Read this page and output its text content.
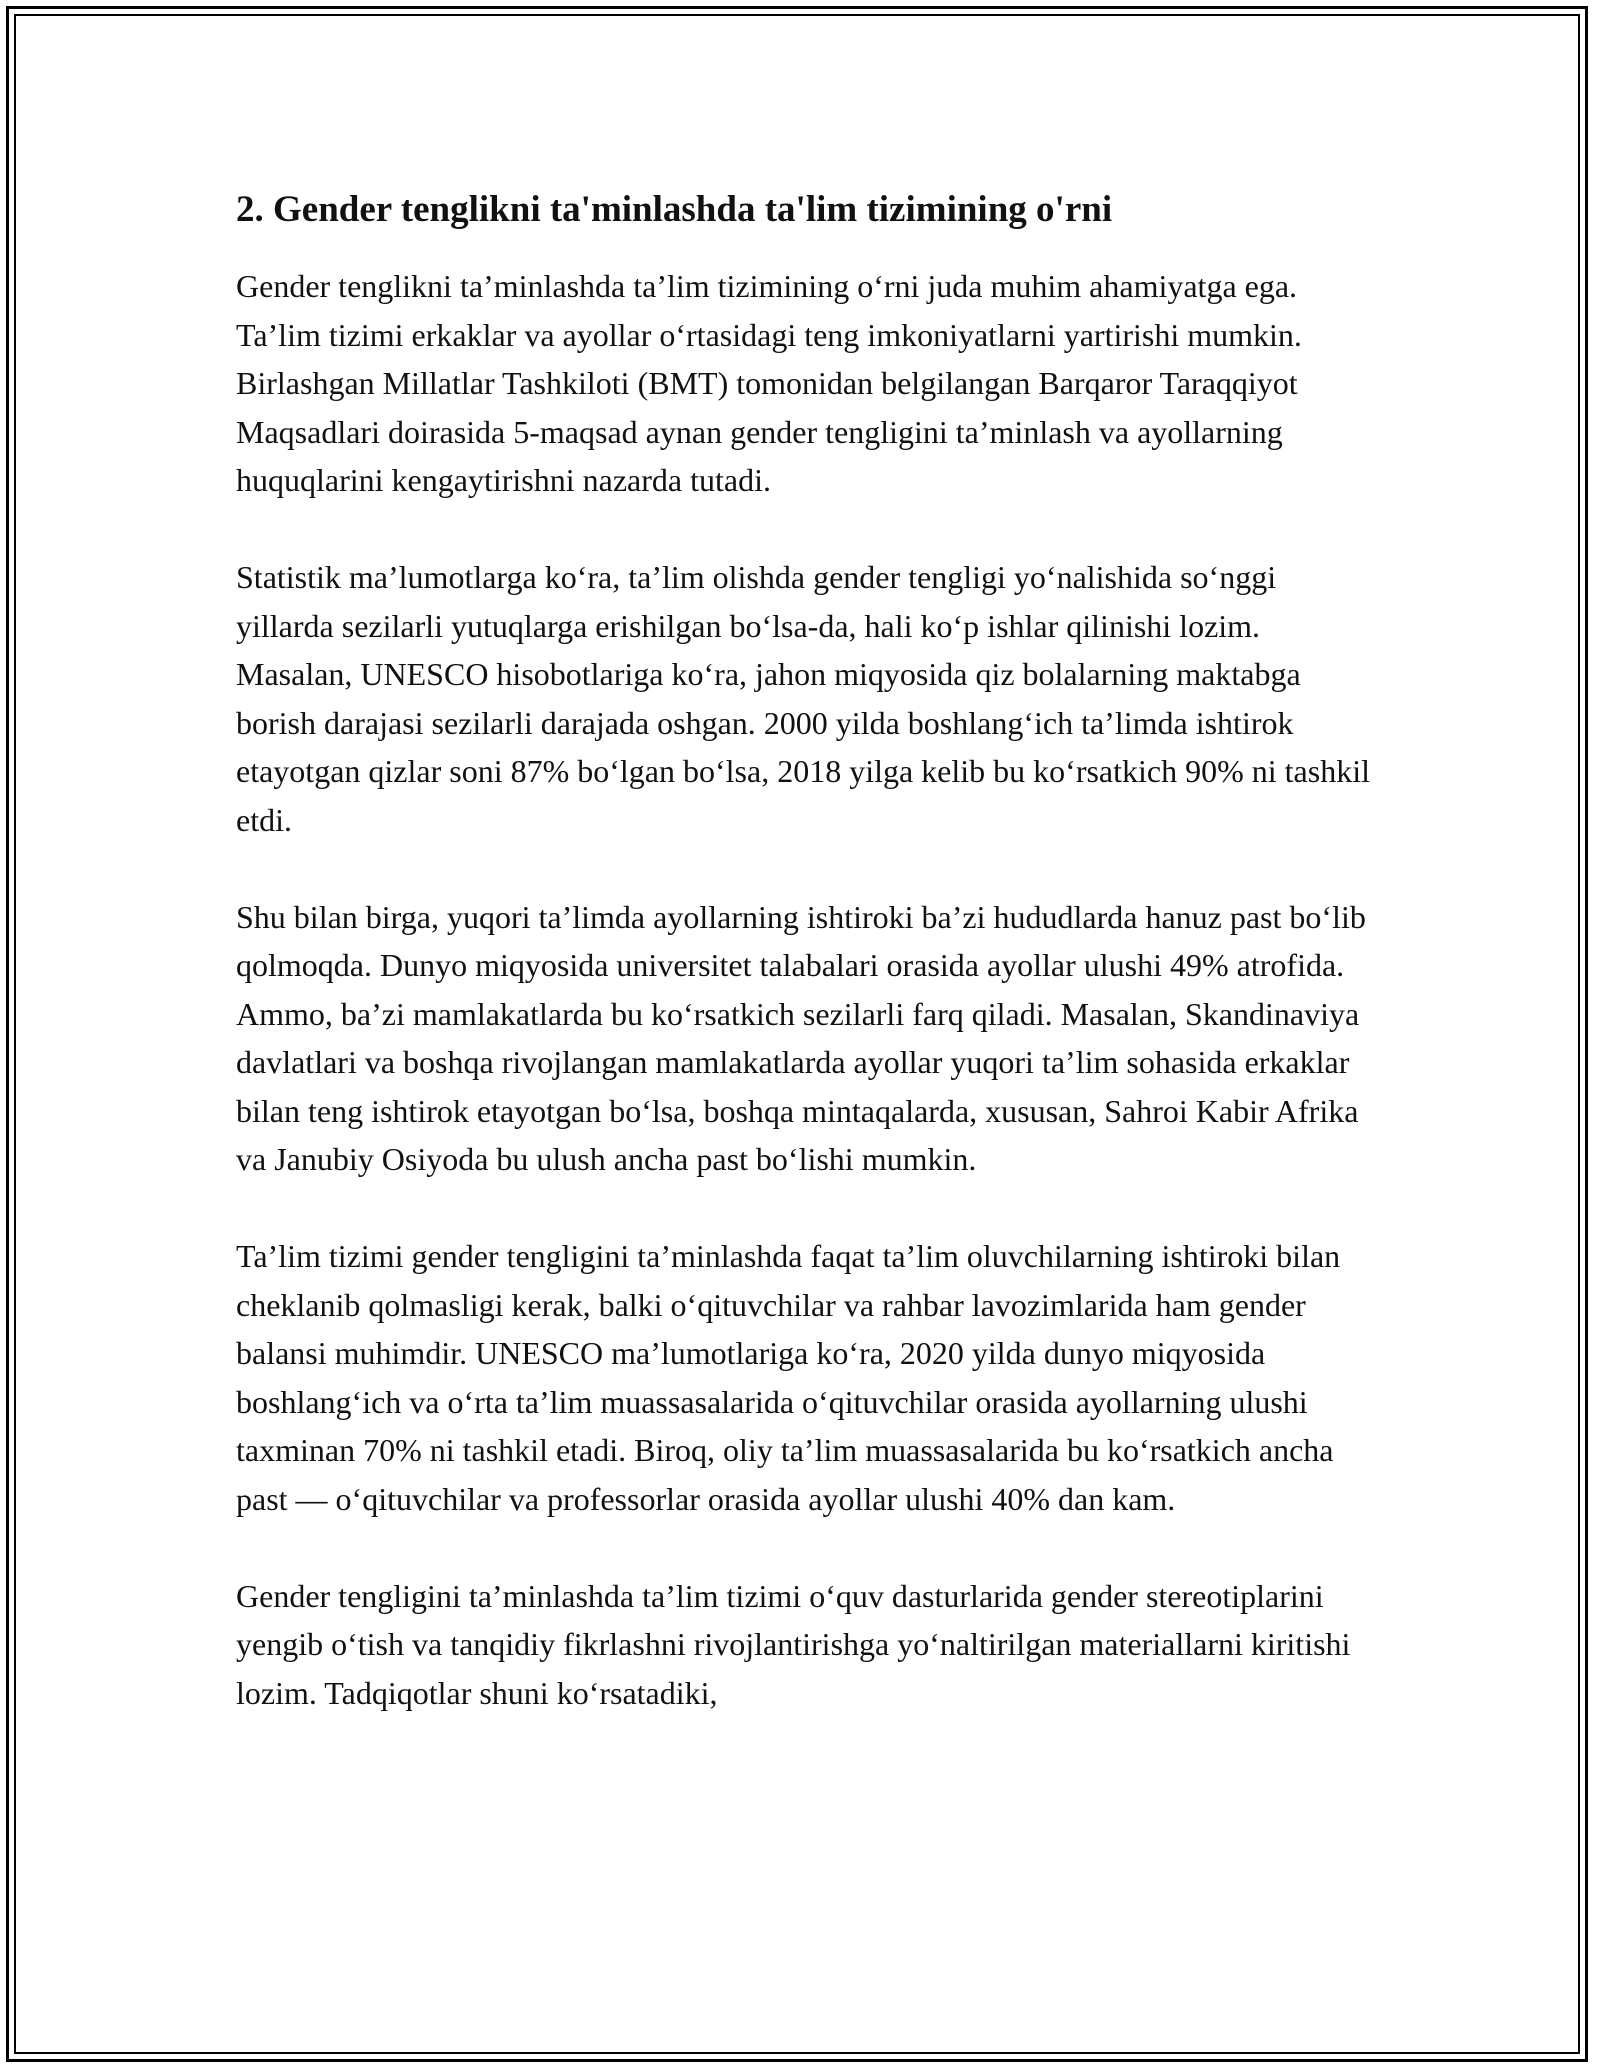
2. Gender tenglikni ta'minlashda ta'lim tizimining o'rni

Gender tenglikni ta’minlashda ta’lim tizimining o‘rni juda muhim ahamiyatga ega. Ta’lim tizimi erkaklar va ayollar o‘rtasidagi teng imkoniyatlarni yartirishi mumkin. Birlashgan Millatlar Tashkiloti (BMT) tomonidan belgilangan Barqaror Taraqqiyot Maqsadlari doirasida 5-maqsad aynan gender tengligini ta’minlash va ayollarning huquqlarini kengaytirishni nazarda tutadi.

Statistik ma’lumotlarga ko‘ra, ta’lim olishda gender tengligi yo‘nalishida so‘nggi yillarda sezilarli yutuqlarga erishilgan bo‘lsa-da, hali ko‘p ishlar qilinishi lozim. Masalan, UNESCO hisobotlariga ko‘ra, jahon miqyosida qiz bolalarning maktabga borish darajasi sezilarli darajada oshgan. 2000 yilda boshlang‘ich ta’limda ishtirok etayotgan qizlar soni 87% bo‘lgan bo‘lsa, 2018 yilga kelib bu ko‘rsatkich 90% ni tashkil etdi.

Shu bilan birga, yuqori ta’limda ayollarning ishtiroki ba’zi hududlarda hanuz past bo‘lib qolmoqda. Dunyo miqyosida universitet talabalari orasida ayollar ulushi 49% atrofida. Ammo, ba’zi mamlakatlarda bu ko‘rsatkich sezilarli farq qiladi. Masalan, Skandinaviya davlatlari va boshqa rivojlangan mamlakatlarda ayollar yuqori ta’lim sohasida erkaklar bilan teng ishtirok etayotgan bo‘lsa, boshqa mintaqalarda, xususan, Sahroi Kabir Afrika va Janubiy Osiyoda bu ulush ancha past bo‘lishi mumkin.

Ta’lim tizimi gender tengligini ta’minlashda faqat ta’lim oluvchilarning ishtiroki bilan cheklanib qolmasligi kerak, balki o‘qituvchilar va rahbar lavozimlarida ham gender balansi muhimdir. UNESCO ma’lumotlariga ko‘ra, 2020 yilda dunyo miqyosida boshlang‘ich va o‘rta ta’lim muassasalarida o‘qituvchilar orasida ayollarning ulushi taxminan 70% ni tashkil etadi. Biroq, oliy ta’lim muassasalarida bu ko‘rsatkich ancha past — o‘qituvchilar va professorlar orasida ayollar ulushi 40% dan kam.

Gender tengligini ta’minlashda ta’lim tizimi o‘quv dasturlarida gender stereotiplarini yengib o‘tish va tanqidiy fikrlashni rivojlantirishga yo‘naltirilgan materiallarni kiritishi lozim. Tadqiqotlar shuni ko‘rsatadiki,
